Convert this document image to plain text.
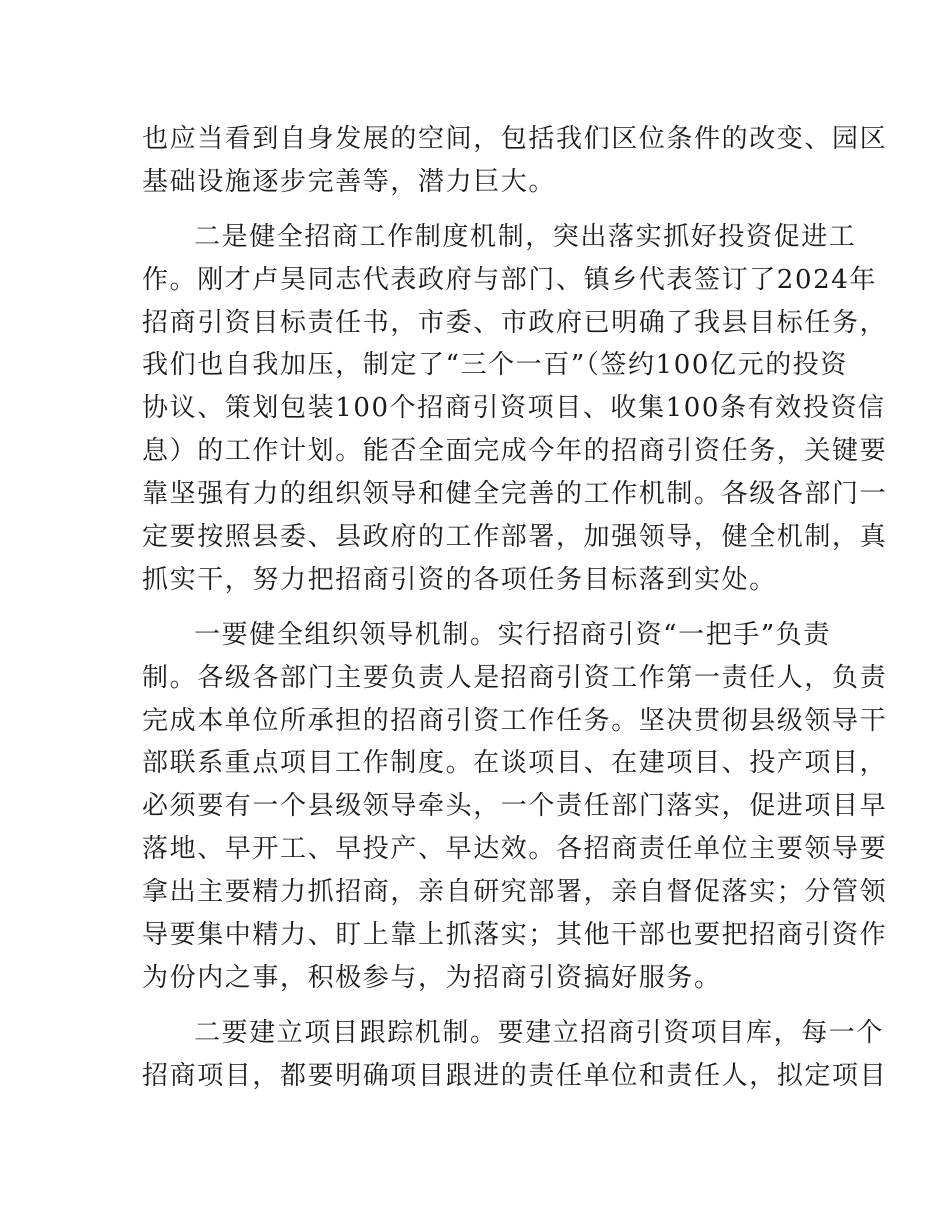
也应当看到自身发展的空间，包括我们区位条件的改变、园区
基础设施逐步完善等，潜力巨大。
二是健全招商工作制度机制，突出落实抓好投资促进工
作。刚才卢昊同志代表政府与部门、镇乡代表签订了2024年
招商引资目标责任书，市委、市政府已明确了我县目标任务，
我们也自我加压，制定了“三个一百”（签约100亿元的投资
协议、策划包装100个招商引资项目、收集100条有效投资信
息）的工作计划。能否全面完成今年的招商引资任务，关键要
靠坚强有力的组织领导和健全完善的工作机制。各级各部门一
定要按照县委、县政府的工作部署，加强领导，健全机制，真
抓实干，努力把招商引资的各项任务目标落到实处。
一要健全组织领导机制。实行招商引资“一把手”负责
制。各级各部门主要负责人是招商引资工作第一责任人，负责
完成本单位所承担的招商引资工作任务。坚决贯彻县级领导干
部联系重点项目工作制度。在谈项目、在建项目、投产项目，
必须要有一个县级领导牵头，一个责任部门落实，促进项目早
落地、早开工、早投产、早达效。各招商责任单位主要领导要
拿出主要精力抓招商，亲自研究部署，亲自督促落实；分管领
导要集中精力、盯上靠上抓落实；其他干部也要把招商引资作
为份内之事，积极参与，为招商引资搞好服务。
二要建立项目跟踪机制。要建立招商引资项目库，每一个
招商项目，都要明确项目跟进的责任单位和责任人，拟定项目
